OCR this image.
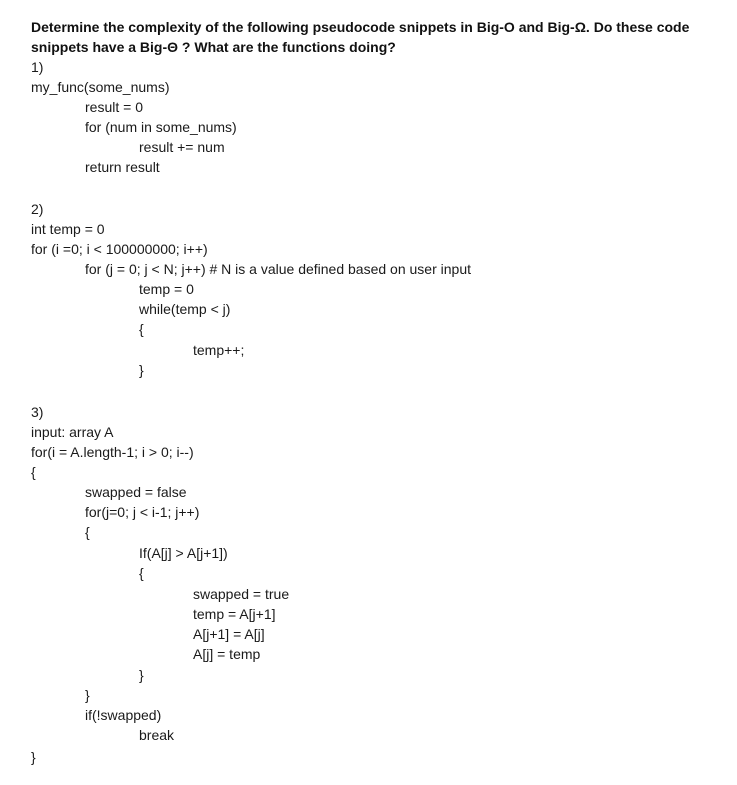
Determine the complexity of the following pseudocode snippets in Big-O and Big-Ω. Do these code snippets have a Big-Θ ? What are the functions doing?
1)
my_func(some_nums)
result = 0
for (num in some_nums)
result += num
return result
2)
int temp = 0
for (i =0; i < 100000000; i++)
for (j = 0; j < N; j++) # N is a value defined based on user input
temp = 0
while(temp < j)
{
temp++;
}
3)
input: array A
for(i = A.length-1; i > 0; i--)
{
swapped = false
for(j=0; j < i-1; j++)
{
If(A[j] > A[j+1])
{
swapped = true
temp = A[j+1]
A[j+1] = A[j]
A[j] = temp
}
}
if(!swapped)
break
}
